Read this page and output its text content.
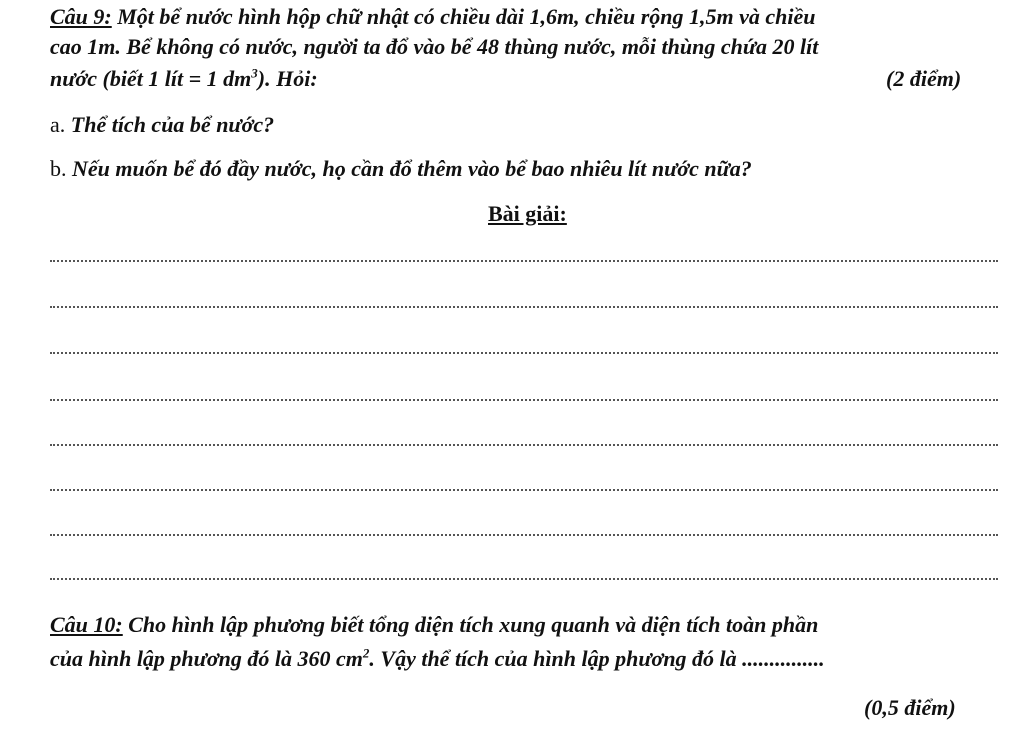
Câu 9: Một bể nước hình hộp chữ nhật có chiều dài 1,6m, chiều rộng 1,5m và chiều
cao 1m. Bể không có nước, người ta đổ vào bể 48 thùng nước, mỗi thùng chứa 20 lít
nước (biết 1 lít = 1 $dm^3$). Hỏi:	(2 điểm)
a. Thể tích của bể nước?
b. Nếu muốn bể đó đầy nước, họ cần đổ thêm vào bể bao nhiêu lít nước nữa?
Bài giải:
Câu 10: Cho hình lập phương biết tổng diện tích xung quanh và diện tích toàn phần
của hình lập phương đó là 360 $cm^2$. Vậy thể tích của hình lập phương đó là ...............
(0,5 điểm)
